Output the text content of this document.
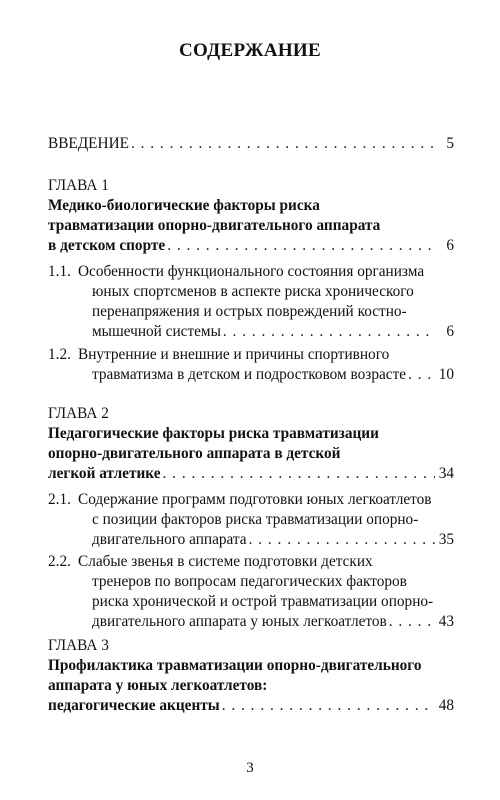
СОДЕРЖАНИЕ
ВВЕДЕНИЕ . . .	5
ГЛАВА 1
Медико-биологические факторы риска
травматизации опорно-двигательного аппарата
в детском спорте . . .	6
1.1. Особенности функционального состояния организма
юных спортсменов в аспекте риска хронического
перенапряжения и острых повреждений костно-
мышечной системы . . .	6
1.2. Внутренние и внешние и причины спортивного
травматизма в детском и подростковом возрасте . . . 10
ГЛАВА 2
Педагогические факторы риска травматизации
опорно-двигательного аппарата в детской
легкой атлетике . . .	34
2.1. Содержание программ подготовки юных легкоатлетов
с позиции факторов риска травматизации опорно-
двигательного аппарата . . .	35
2.2. Слабые звенья в системе подготовки детских
тренеров по вопросам педагогических факторов
риска хронической и острой травматизации опорно-
двигательного аппарата у юных легкоатлетов . . .	43
ГЛАВА 3
Профилактика травматизации опорно-двигательного
аппарата у юных легкоатлетов:
педагогические акценты . . .	48
3
